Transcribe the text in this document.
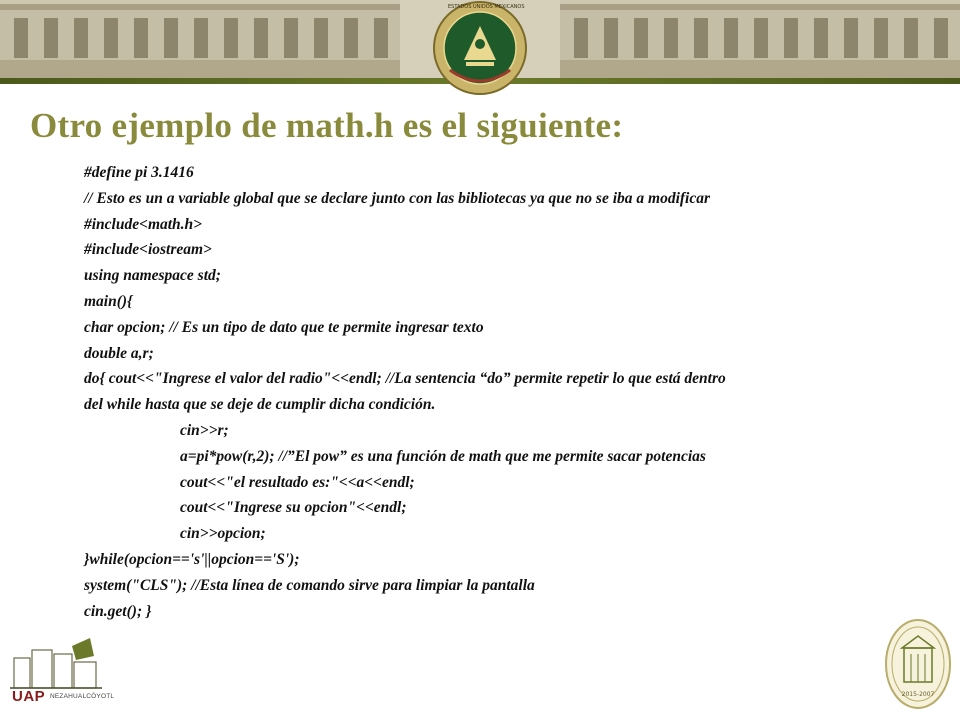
ESTADOS UNIDOS MEXICANOS
Otro ejemplo de math.h es el siguiente:
#define pi 3.1416
// Esto es un a variable global que se declare junto con las bibliotecas ya que no se iba a modificar
#include<math.h>
#include<iostream>
using namespace std;
main(){
char opcion; // Es un tipo de dato que te permite ingresar texto
double a,r;
do{ cout<<"Ingrese el valor del radio"<<endl; //La sentencia “do” permite repetir lo que está dentro
del while hasta que se deje de cumplir dicha condición.
cin>>r;
a=pi*pow(r,2); //”El pow” es una función de math que me permite sacar potencias
cout<<"el resultado es:"<<a<<endl;
cout<<"Ingrese su opcion"<<endl;
cin>>opcion;
}while(opcion=='s'||opcion=='S');
system("CLS"); //Esta línea de comando sirve para limpiar la pantalla
cin.get(); }
UAP NEZAHUALCÓYOTL	2015-2007
